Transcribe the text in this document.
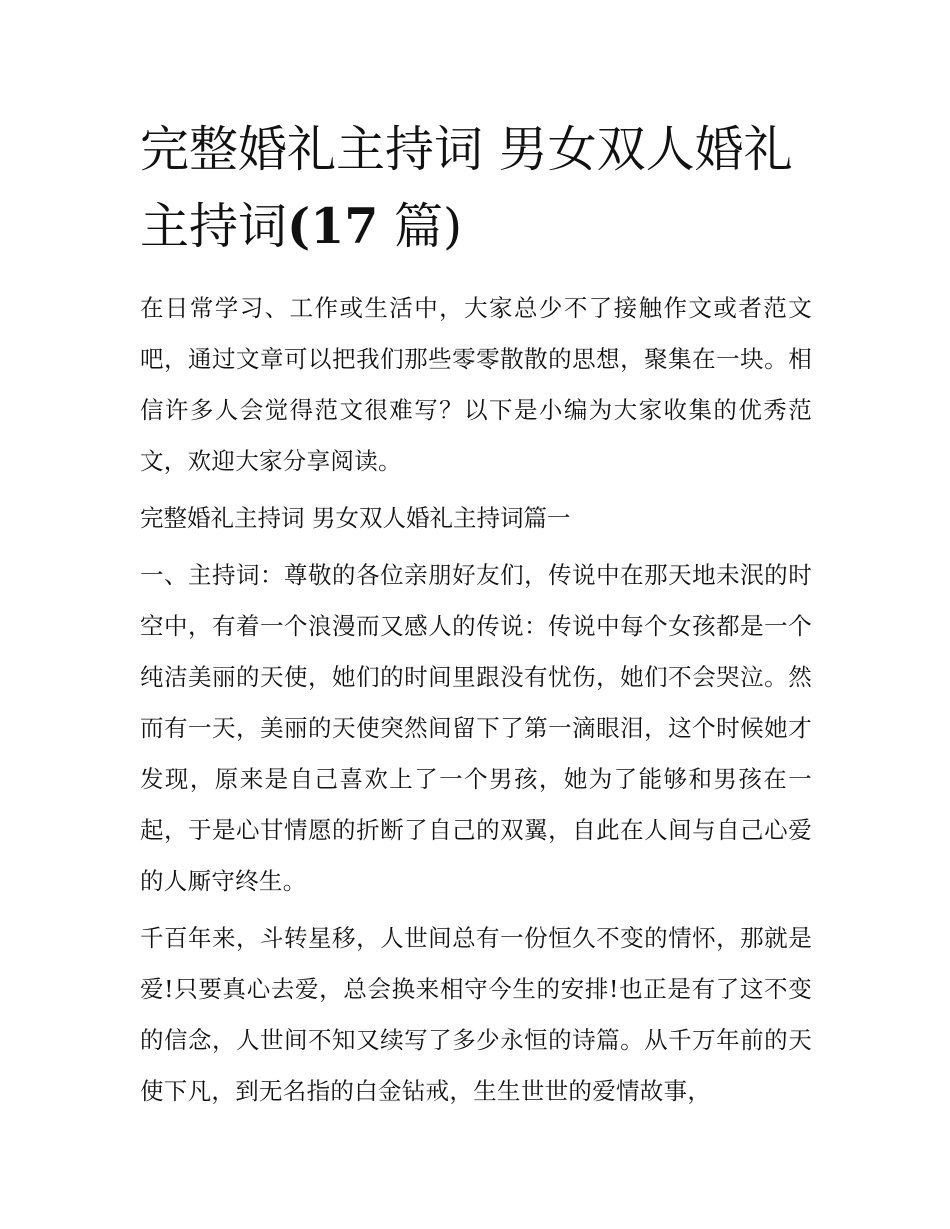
完整婚礼主持词 男女双人婚礼主持词(17 篇)

在日常学习、工作或生活中，大家总少不了接触作文或者范文吧，通过文章可以把我们那些零零散散的思想，聚集在一块。相信许多人会觉得范文很难写？以下是小编为大家收集的优秀范文，欢迎大家分享阅读。

完整婚礼主持词 男女双人婚礼主持词篇一

一、主持词：尊敬的各位亲朋好友们，传说中在那天地未泯的时空中，有着一个浪漫而又感人的传说：传说中每个女孩都是一个纯洁美丽的天使，她们的时间里跟没有忧伤，她们不会哭泣。然而有一天，美丽的天使突然间留下了第一滴眼泪，这个时候她才发现，原来是自己喜欢上了一个男孩，她为了能够和男孩在一起，于是心甘情愿的折断了自己的双翼，自此在人间与自己心爱的人厮守终生。

千百年来，斗转星移，人世间总有一份恒久不变的情怀，那就是爱!只要真心去爱，总会换来相守今生的安排!也正是有了这不变的信念，人世间不知又续写了多少永恒的诗篇。从千万年前的天使下凡，到无名指的白金钻戒，生生世世的爱情故事，
